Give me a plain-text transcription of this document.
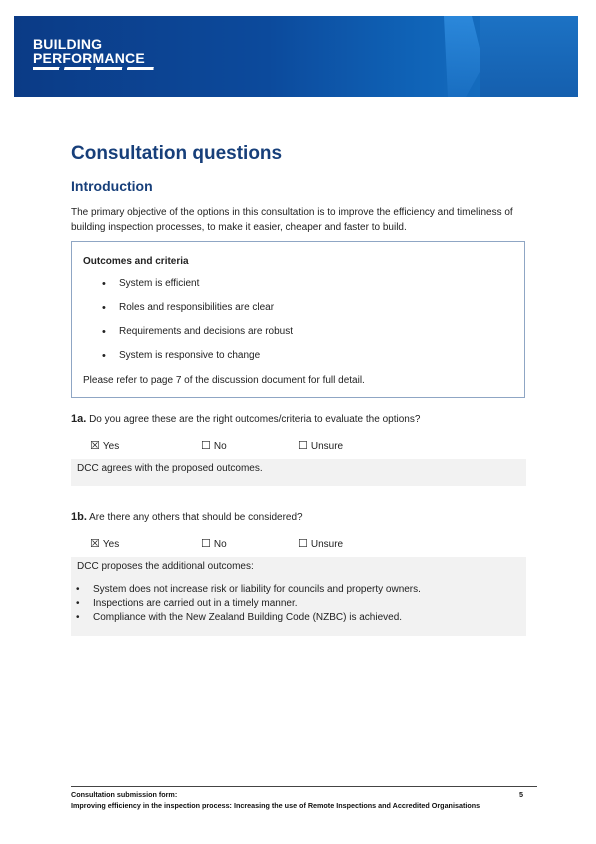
BUILDING
PERFORMANCE
Consultation questions
Introduction

The primary objective of the options in this consultation is to improve the efficiency and timeliness of building inspection processes, to make it easier, cheaper and faster to build.

Outcomes and criteria
• System is efficient
• Roles and responsibilities are clear
• Requirements and decisions are robust
• System is responsive to change
Please refer to page 7 of the discussion document for full detail.
1a. Do you agree these are the right outcomes/criteria to evaluate the options?
☒ Yes	☐ No	☐ Unsure
DCC agrees with the proposed outcomes.
1b. Are there any others that should be considered?
☒ Yes	☐ No	☐ Unsure
DCC proposes the additional outcomes:
• System does not increase risk or liability for councils and property owners.
• Inspections are carried out in a timely manner.
• Compliance with the New Zealand Building Code (NZBC) is achieved.
Consultation submission form:
Improving efficiency in the inspection process: Increasing the use of Remote Inspections and Accredited Organisations
5
